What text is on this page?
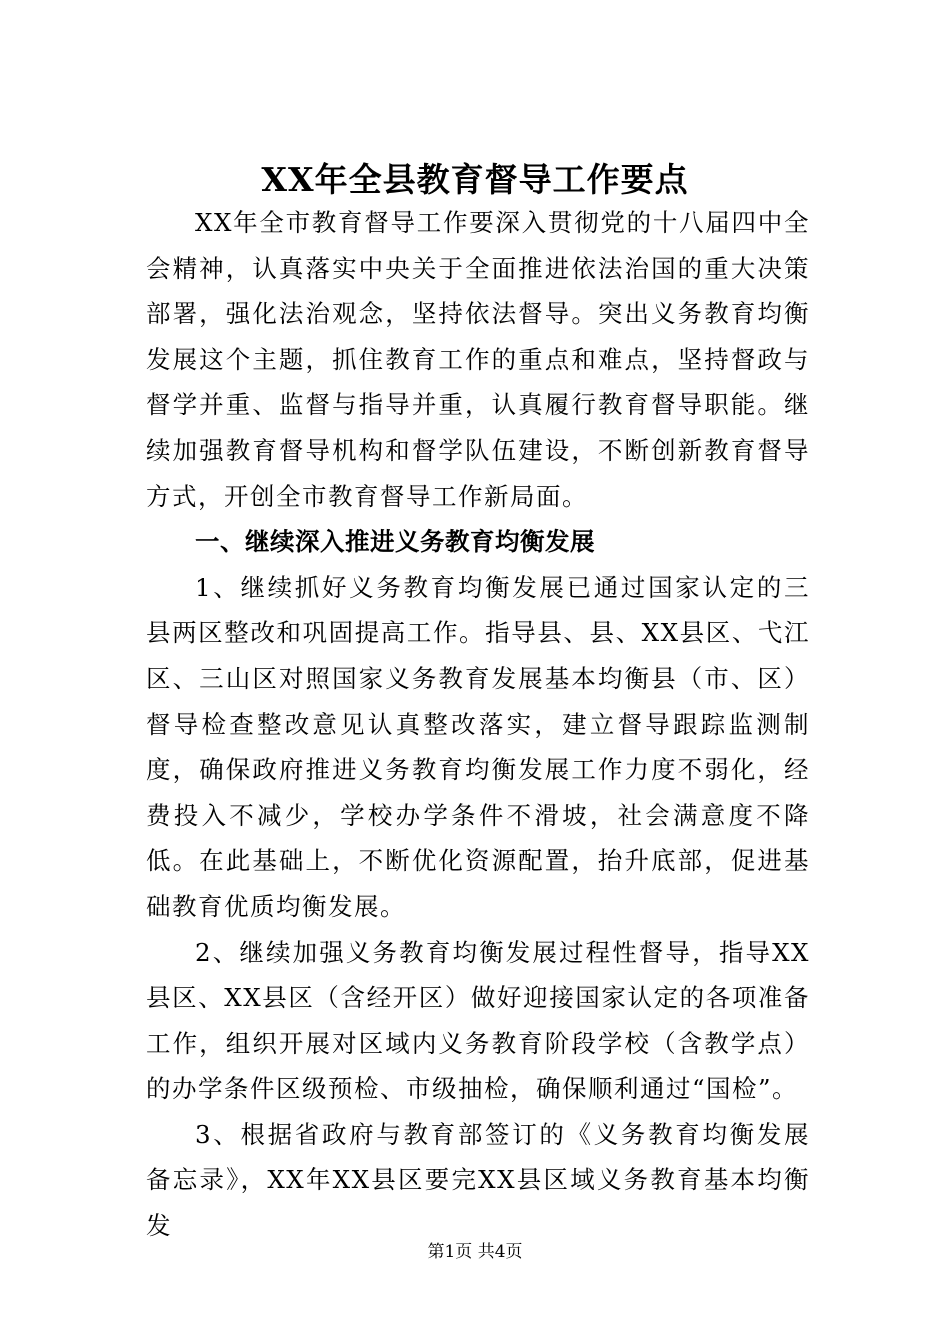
XX年全县教育督导工作要点

XX年全市教育督导工作要深入贯彻党的十八届四中全会精神，认真落实中央关于全面推进依法治国的重大决策部署，强化法治观念，坚持依法督导。突出义务教育均衡发展这个主题，抓住教育工作的重点和难点，坚持督政与督学并重、监督与指导并重，认真履行教育督导职能。继续加强教育督导机构和督学队伍建设，不断创新教育督导方式，开创全市教育督导工作新局面。

一、继续深入推进义务教育均衡发展

1、继续抓好义务教育均衡发展已通过国家认定的三县两区整改和巩固提高工作。指导县、县、XX县区、弋江区、三山区对照国家义务教育发展基本均衡县（市、区）督导检查整改意见认真整改落实，建立督导跟踪监测制度，确保政府推进义务教育均衡发展工作力度不弱化，经费投入不减少，学校办学条件不滑坡，社会满意度不降低。在此基础上，不断优化资源配置，抬升底部，促进基础教育优质均衡发展。

2、继续加强义务教育均衡发展过程性督导，指导XX县区、XX县区（含经开区）做好迎接国家认定的各项准备工作，组织开展对区域内义务教育阶段学校（含教学点）的办学条件区级预检、市级抽检，确保顺利通过“国检”。

3、根据省政府与教育部签订的《义务教育均衡发展备忘录》，XX年XX县区要完XX县区域义务教育基本均衡发

第1页 共4页
